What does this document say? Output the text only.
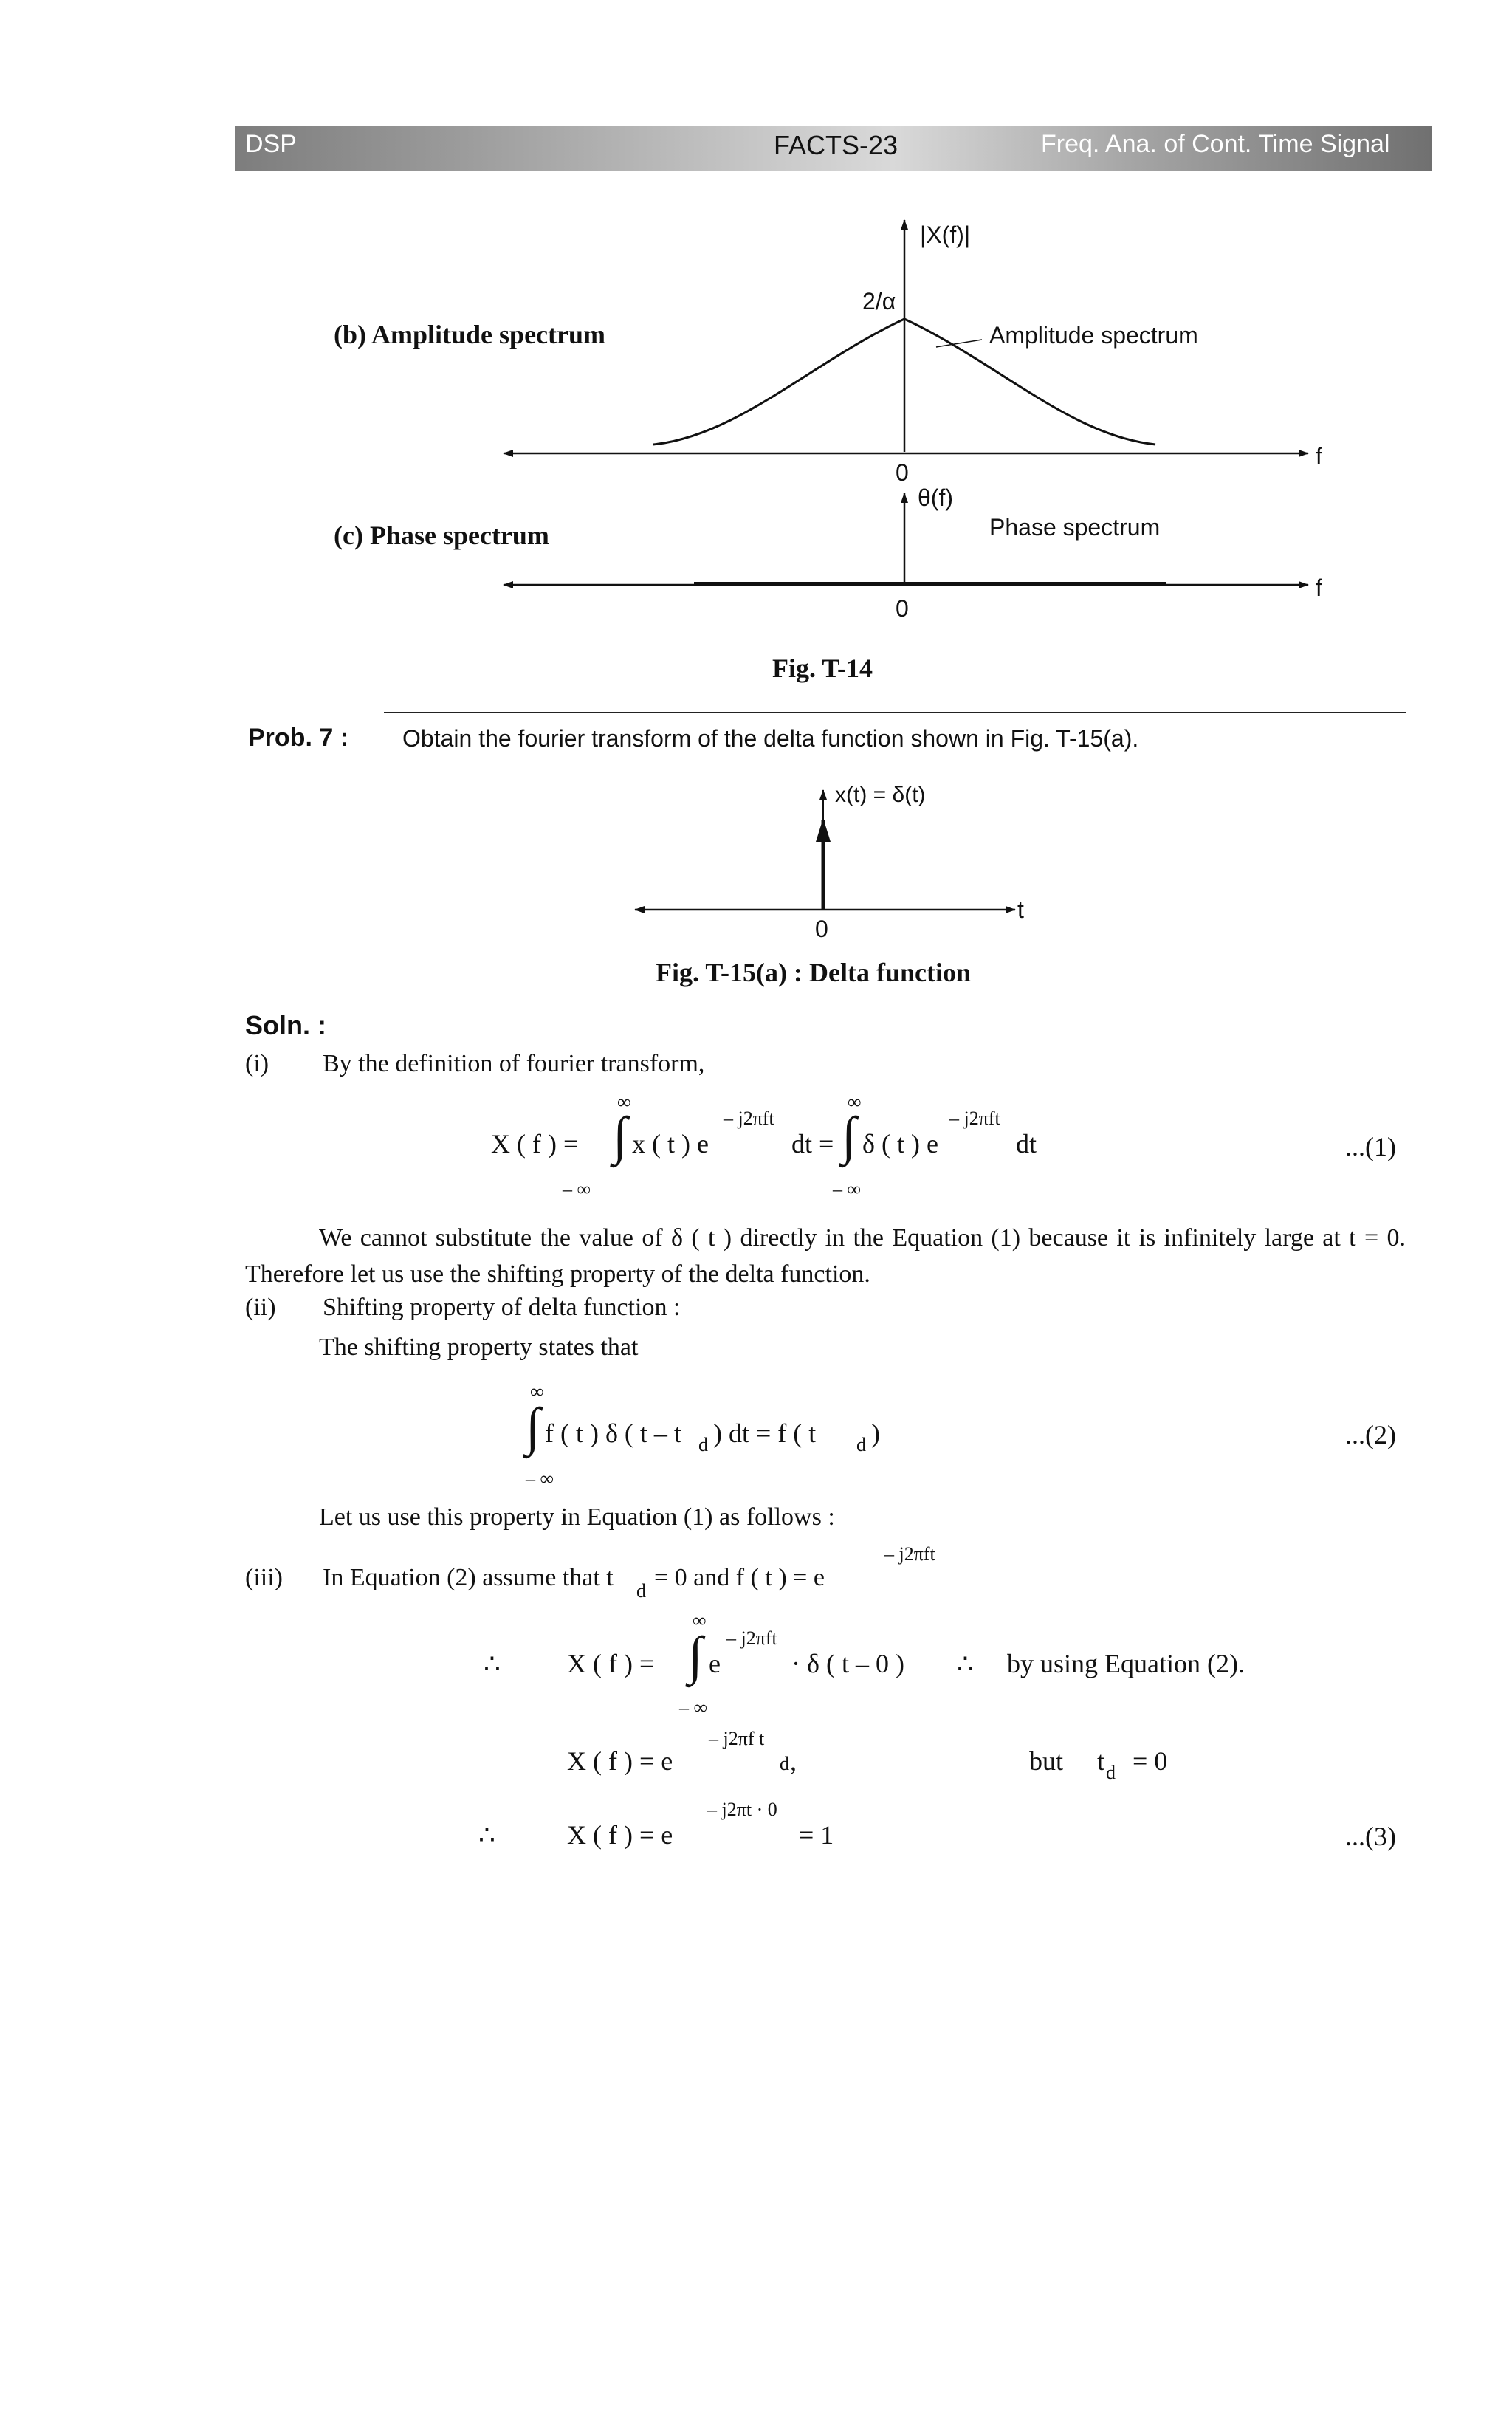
DSP	FACTS-23	Freq. Ana. of Cont. Time Signal
(b) Amplitude spectrum
(c) Phase spectrum
|X(f)|
2/α
Amplitude spectrum
f
0
θ(f)
Phase spectrum
f
0
Fig. T-14
Prob. 7 : Obtain the fourier transform of the delta function shown in Fig. T-15(a).
x(t) = δ(t)
t
0
Fig. T-15(a) : Delta function
Soln. :
(i) By the definition of fourier transform,
X ( f ) =
∞
∫
– ∞
x ( t ) e
– j2πft
dt =
∞
∫
– ∞
δ ( t ) e
– j2πft
dt	...(1)
We cannot substitute the value of δ ( t ) directly in the Equation (1) because it is infinitely large at t = 0. Therefore let us use the shifting property of the delta function.
(ii) Shifting property of delta function :
The shifting property states that
∞
∫
– ∞
f ( t ) δ ( t – t d ) dt = f ( t d )	...(2)
Let us use this property in Equation (1) as follows :
(iii) In Equation (2) assume that t d = 0 and f ( t ) = e
– j2πft
∴	X ( f ) =
∞
∫
– ∞
e
– j2πft
· δ ( t – 0 ) ∴ by using Equation (2).
X ( f ) = e
– j2πf t
d ,	but t d = 0
∴	X ( f ) = e
– j2πt · 0
= 1	...(3)
